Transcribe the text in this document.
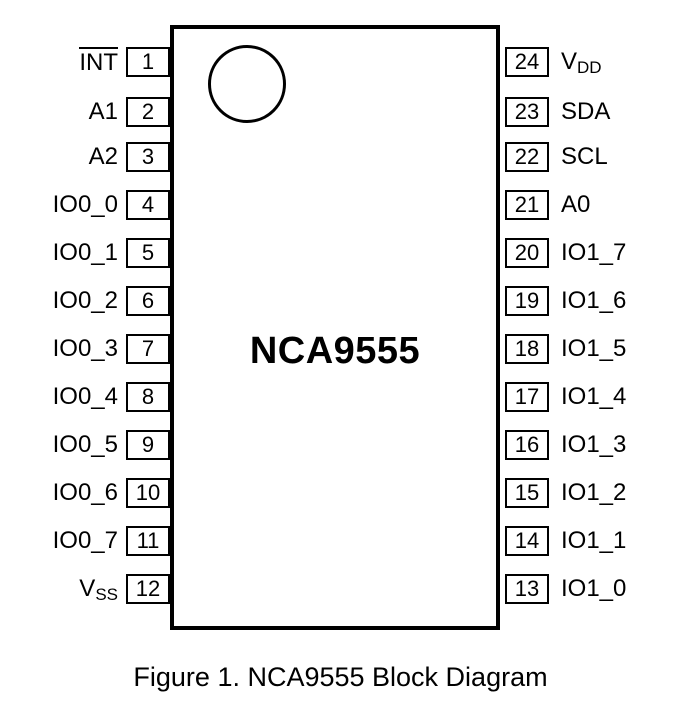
NCA9555
1
INT
2
A1
3
A2
4
IO0_0
5
IO0_1
6
IO0_2
7
IO0_3
8
IO0_4
9
IO0_5
10
IO0_6
11
IO0_7
12
$V_{SS}$
24 $V_{DD}$
23 SDA
22 SCL
21 A0
20 IO1_7
19 IO1_6
18 IO1_5
17 IO1_4
16 IO1_3
15 IO1_2
14 IO1_1
13 IO1_0
Figure 1. NCA9555 Block Diagram
